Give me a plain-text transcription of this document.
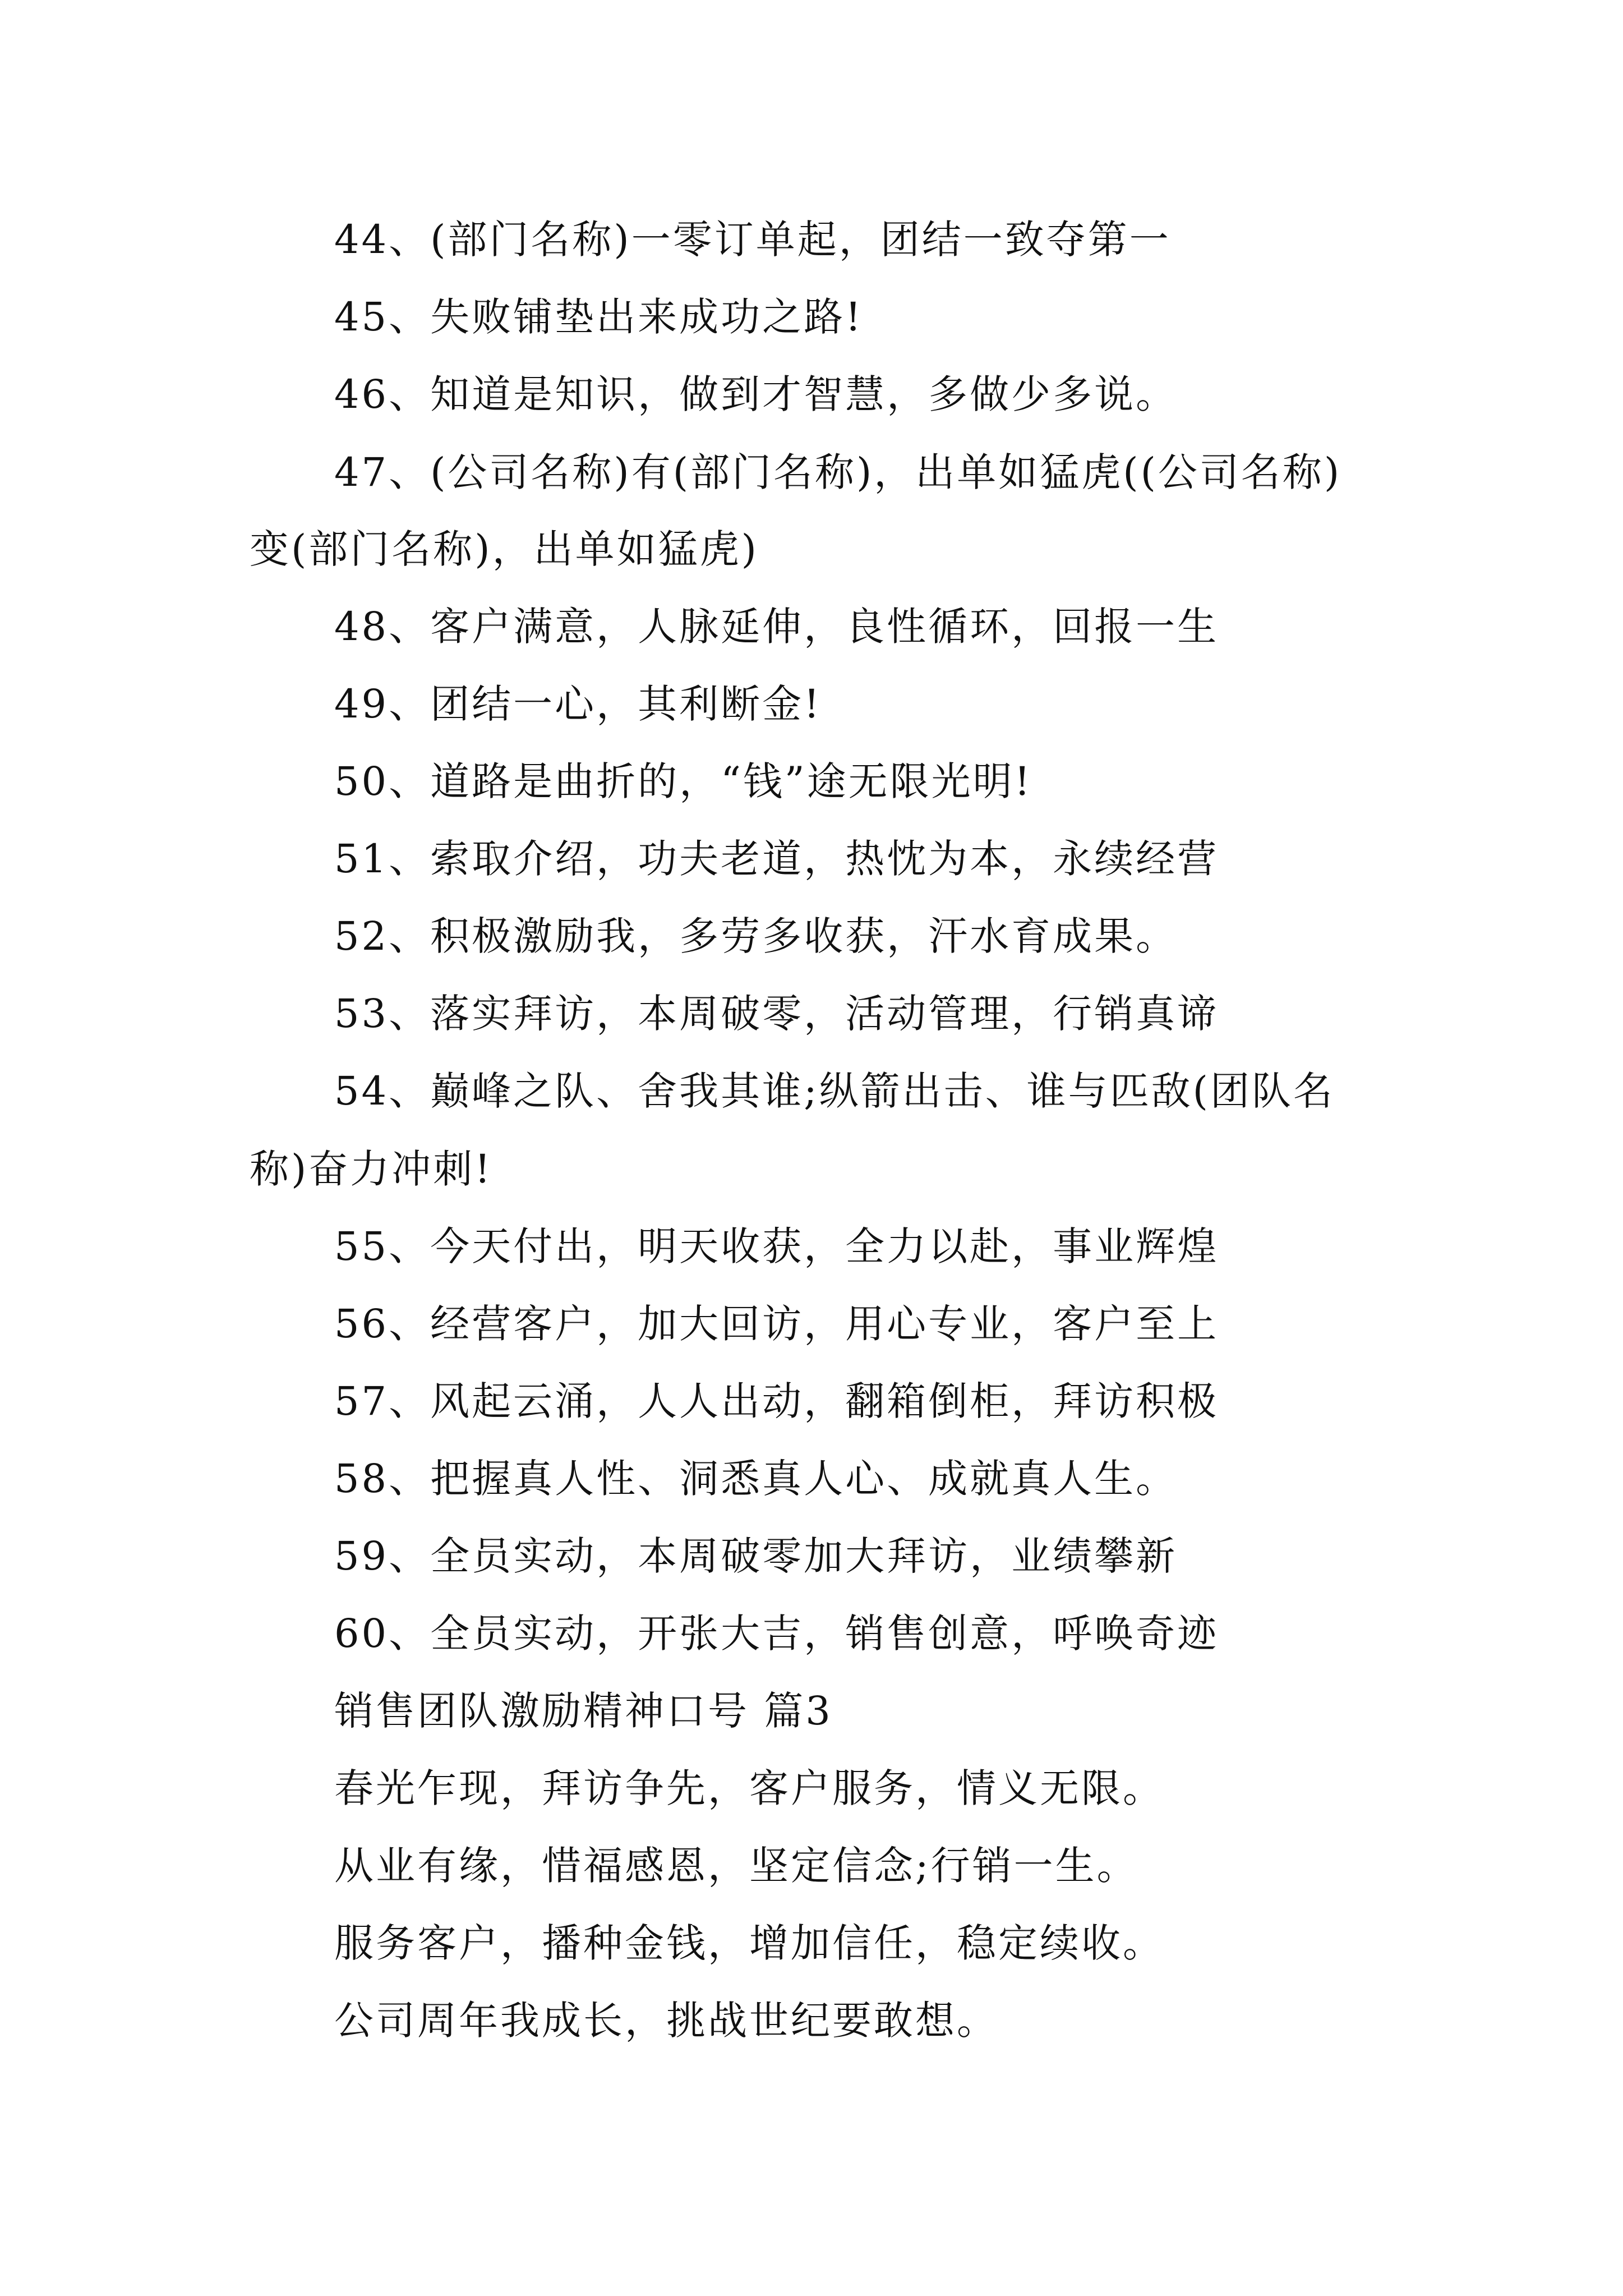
44、(部门名称)一零订单起，团结一致夺第一
45、失败铺垫出来成功之路!
46、知道是知识，做到才智慧，多做少多说。
47、(公司名称)有(部门名称)，出单如猛虎((公司名称)
变(部门名称)，出单如猛虎)
48、客户满意，人脉延伸，良性循环，回报一生
49、团结一心，其利断金!
50、道路是曲折的，“钱”途无限光明!
51、索取介绍，功夫老道，热忱为本，永续经营
52、积极激励我，多劳多收获，汗水育成果。
53、落实拜访，本周破零，活动管理，行销真谛
54、巅峰之队、舍我其谁;纵箭出击、谁与匹敌(团队名
称)奋力冲刺!
55、今天付出，明天收获，全力以赴，事业辉煌
56、经营客户，加大回访，用心专业，客户至上
57、风起云涌，人人出动，翻箱倒柜，拜访积极
58、把握真人性、洞悉真人心、成就真人生。
59、全员实动，本周破零加大拜访，业绩攀新
60、全员实动，开张大吉，销售创意，呼唤奇迹
销售团队激励精神口号 篇3
春光乍现，拜访争先，客户服务，情义无限。
从业有缘，惜福感恩，坚定信念;行销一生。
服务客户，播种金钱，增加信任，稳定续收。
公司周年我成长，挑战世纪要敢想。
